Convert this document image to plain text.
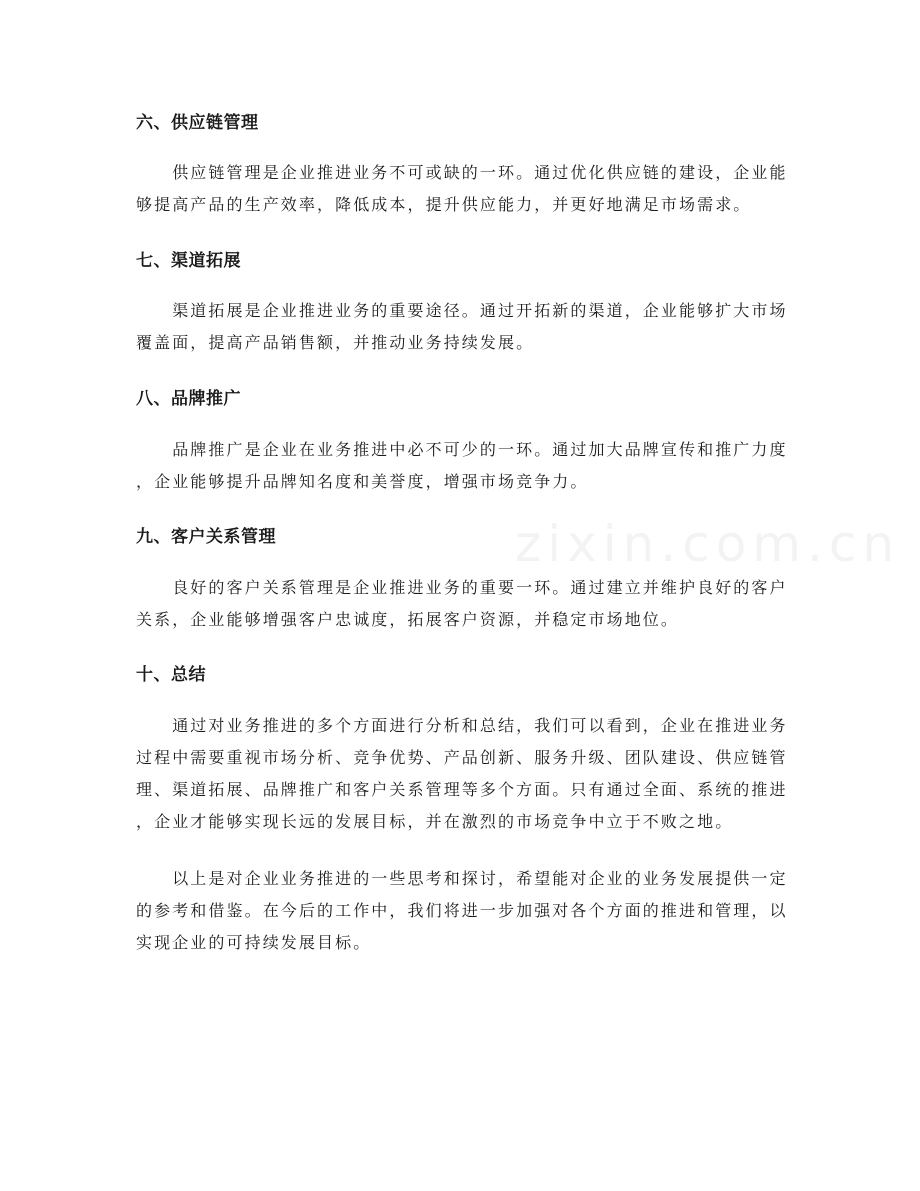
六、供应链管理

　　供应链管理是企业推进业务不可或缺的一环。通过优化供应链的建设，企业能
够提高产品的生产效率，降低成本，提升供应能力，并更好地满足市场需求。

七、渠道拓展

　　渠道拓展是企业推进业务的重要途径。通过开拓新的渠道，企业能够扩大市场
覆盖面，提高产品销售额，并推动业务持续发展。

八、品牌推广

　　品牌推广是企业在业务推进中必不可少的一环。通过加大品牌宣传和推广力度
，企业能够提升品牌知名度和美誉度，增强市场竞争力。

九、客户关系管理

　　良好的客户关系管理是企业推进业务的重要一环。通过建立并维护良好的客户
关系，企业能够增强客户忠诚度，拓展客户资源，并稳定市场地位。

十、总结

　　通过对业务推进的多个方面进行分析和总结，我们可以看到，企业在推进业务
过程中需要重视市场分析、竞争优势、产品创新、服务升级、团队建设、供应链管
理、渠道拓展、品牌推广和客户关系管理等多个方面。只有通过全面、系统的推进
，企业才能够实现长远的发展目标，并在激烈的市场竞争中立于不败之地。

　　以上是对企业业务推进的一些思考和探讨，希望能对企业的业务发展提供一定
的参考和借鉴。在今后的工作中，我们将进一步加强对各个方面的推进和管理，以
实现企业的可持续发展目标。

zixin.com.cn
